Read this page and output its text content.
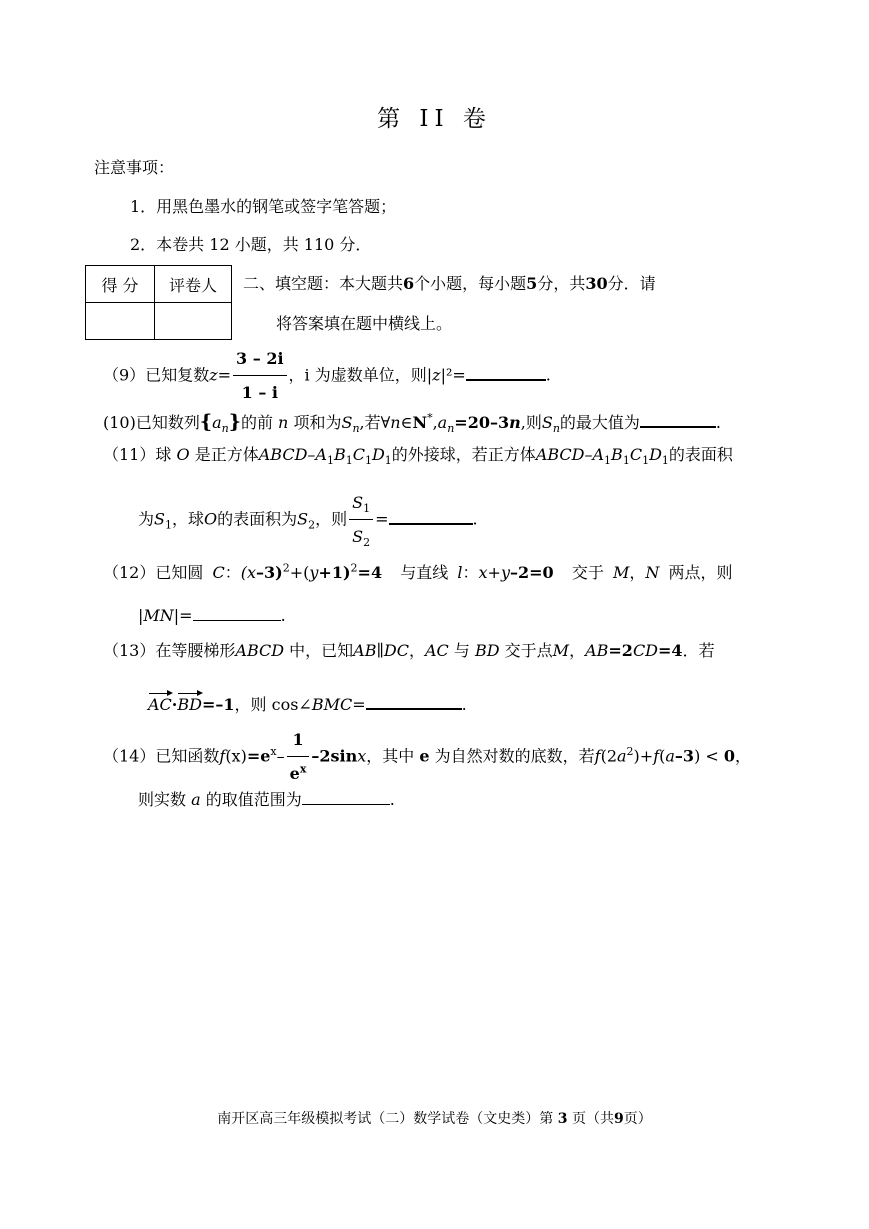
第 II 卷
注意事项：
1．用黑色墨水的钢笔或签字笔答题；
2．本卷共 12 小题，共 110 分．
得 分	评卷人
	二、填空题：本大题共6个小题，每小题5分，共30分．请
将答案填在题中横线上。
（9）已知复数$z= \frac{3 - 2i}{1 - i}$ ，i 为虚数单位，则|z|²=	.
(10)已知数列$\{a_n\}$的前 n 项和为$S_n$,若$\forall n\in N^*,a_n=20-3n$,则$S_n$的最大值为	.
（11）球 O 是正方体ABCD–$A_1B_1C_1D_1$的外接球，若正方体ABCD–$A_1B_1C_1D_1$的表面积
为$S_1$，球O的表面积为$S_2$，则 $\frac{S_1}{S_2}$ =	.
（12）已知圆 C：$(x-3)^2+(y+1)^2=4$ 与直线 l：x+y–2=0 交于 M，N 两点，则
|MN|=	.
（13）在等腰梯形ABCD 中，已知AB∥DC，AC 与 BD 交于点M，AB=2CD=4．若
AC·BD=–1，则 cos∠BMC=	.
（14）已知函数$f(x)=e^x- \frac{1}{e^x} -2\sin x$，其中 e 为自然对数的底数，若$f(2a^2)+f(a-3) < 0$，
则实数 a 的取值范围为	.
南开区高三年级模拟考试（二）数学试卷（文史类）第 3 页（共9页）
